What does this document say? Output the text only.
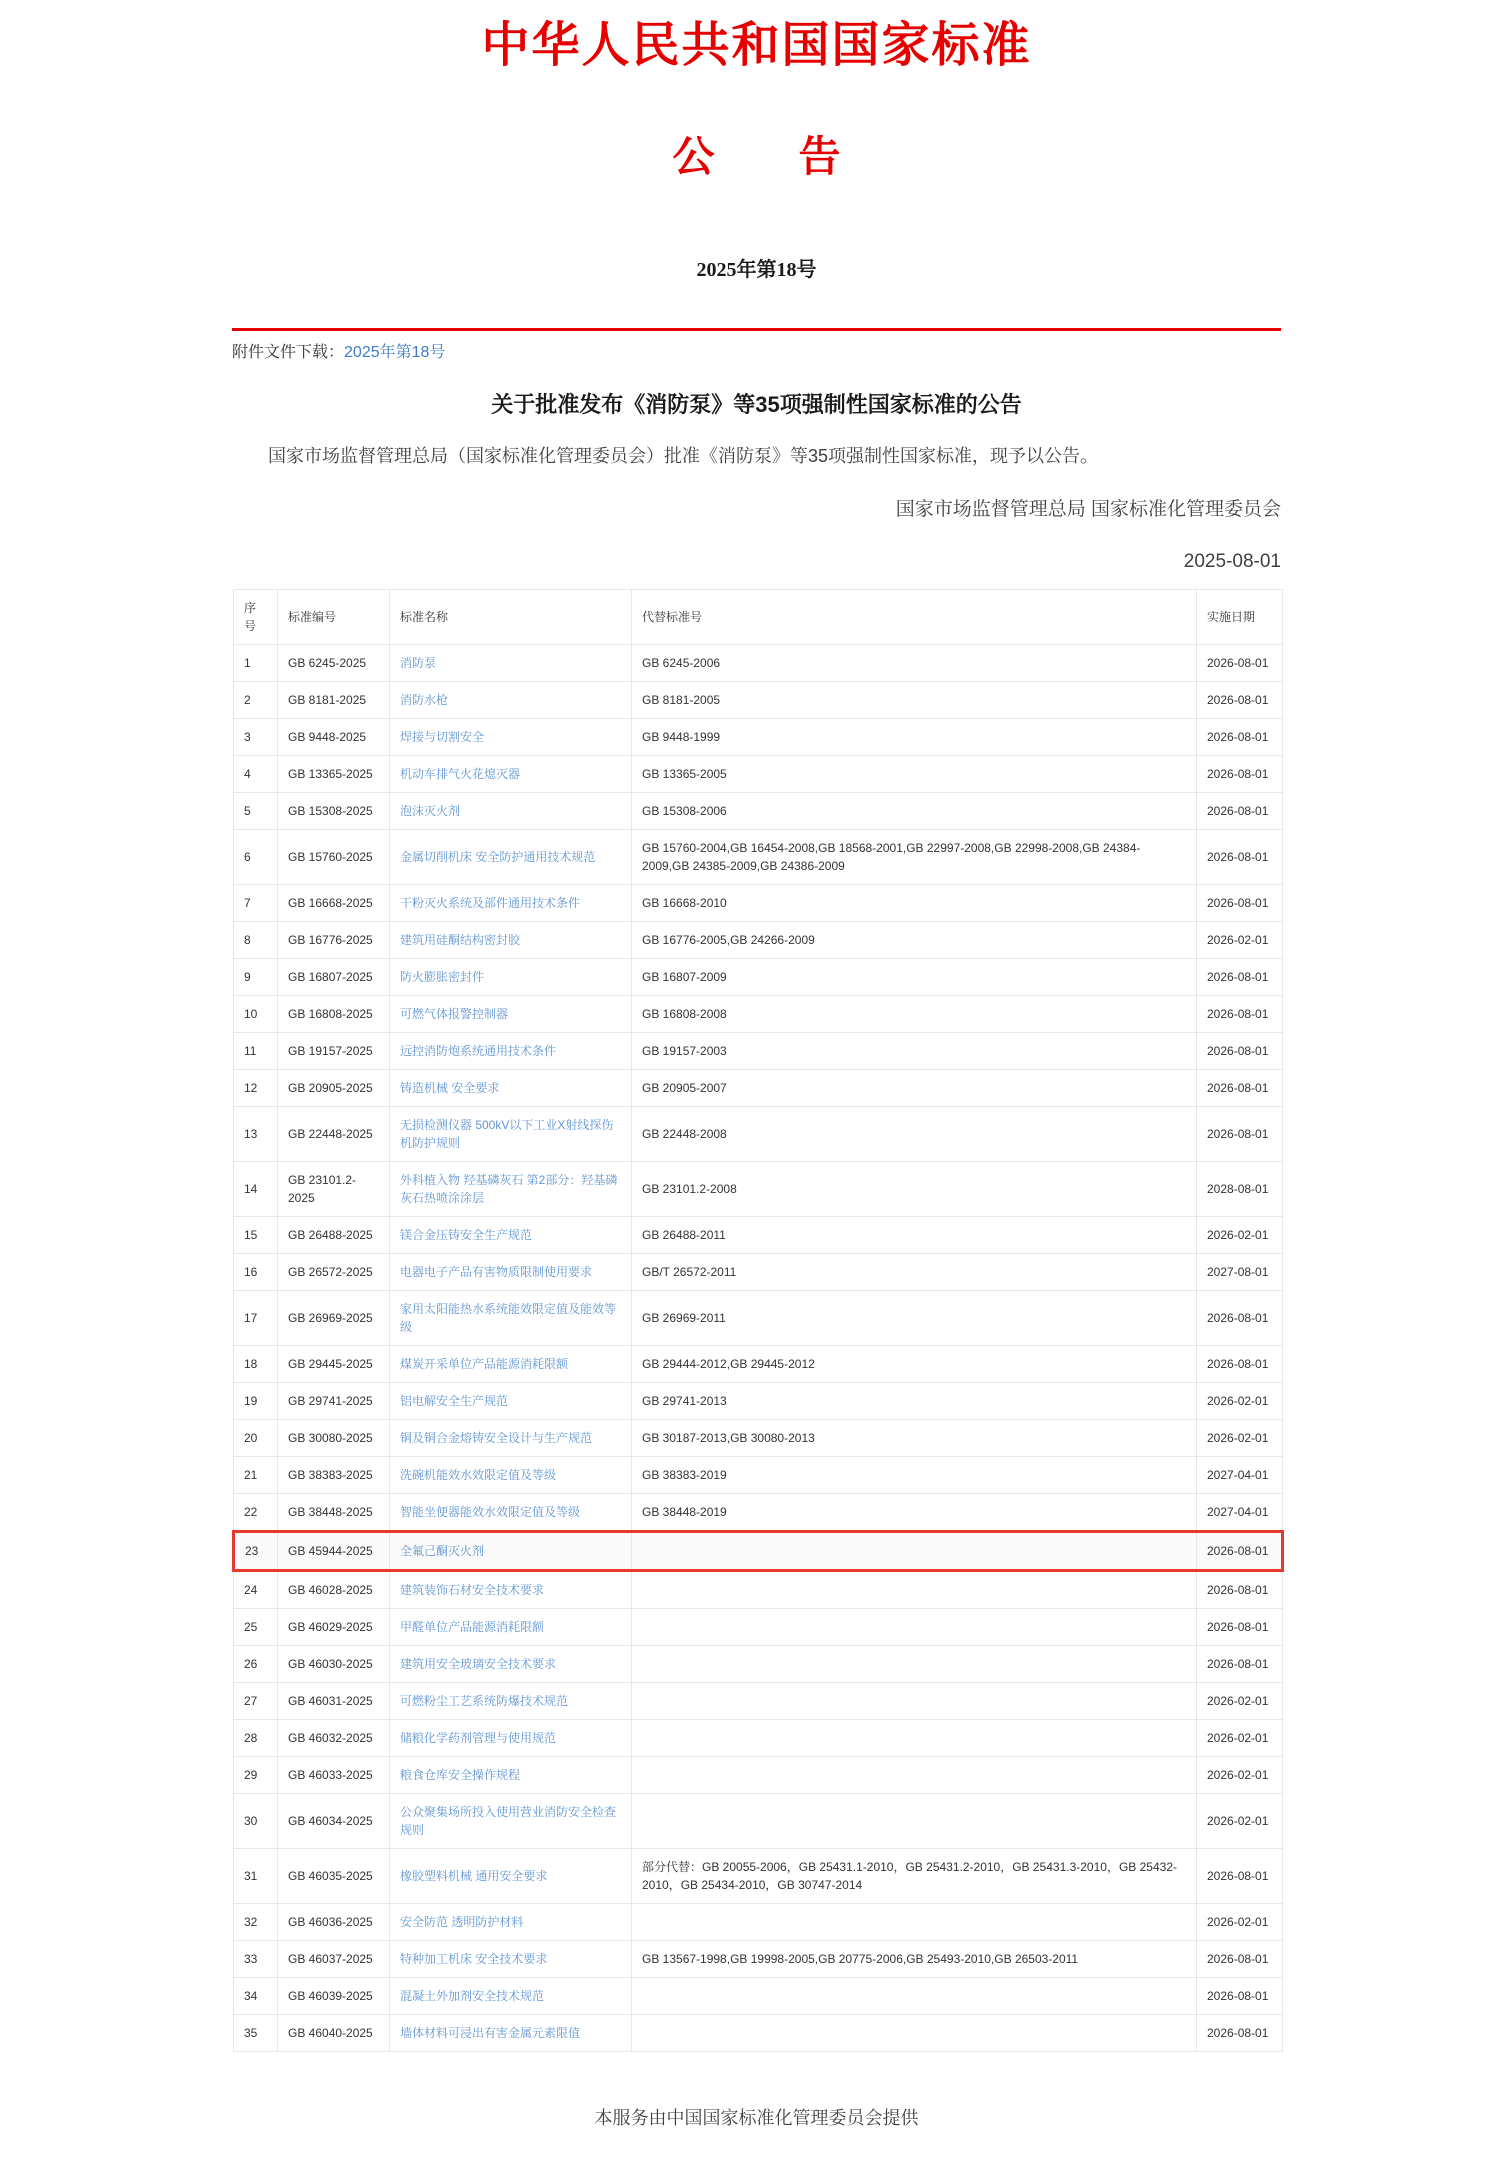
中华人民共和国国家标准
公　　告
2025年第18号
附件文件下载：2025年第18号
关于批准发布《消防泵》等35项强制性国家标准的公告

国家市场监督管理总局（国家标准化管理委员会）批准《消防泵》等35项强制性国家标准，现予以公告。

国家市场监督管理总局 国家标准化管理委员会
2025-08-01
序号	标准编号	标准名称	代替标准号	实施日期
1	GB 6245-2025	消防泵	GB 6245-2006	2026-08-01
2	GB 8181-2025	消防水枪	GB 8181-2005	2026-08-01
3	GB 9448-2025	焊接与切割安全	GB 9448-1999	2026-08-01
4	GB 13365-2025	机动车排气火花熄灭器	GB 13365-2005	2026-08-01
5	GB 15308-2025	泡沫灭火剂	GB 15308-2006	2026-08-01
6	GB 15760-2025	金属切削机床 安全防护通用技术规范	GB 15760-2004,GB 16454-2008,GB 18568-2001,GB 22997-2008,GB 22998-2008,GB 24384-2009,GB 24385-2009,GB 24386-2009	2026-08-01
7	GB 16668-2025	干粉灭火系统及部件通用技术条件	GB 16668-2010	2026-08-01
8	GB 16776-2025	建筑用硅酮结构密封胶	GB 16776-2005,GB 24266-2009	2026-02-01
9	GB 16807-2025	防火膨胀密封件	GB 16807-2009	2026-08-01
10	GB 16808-2025	可燃气体报警控制器	GB 16808-2008	2026-08-01
11	GB 19157-2025	远控消防炮系统通用技术条件	GB 19157-2003	2026-08-01
12	GB 20905-2025	铸造机械 安全要求	GB 20905-2007	2026-08-01
13	GB 22448-2025	无损检测仪器 500kV以下工业X射线探伤机防护规则	GB 22448-2008	2026-08-01
14	GB 23101.2-2025	外科植入物 羟基磷灰石 第2部分：羟基磷灰石热喷涂涂层	GB 23101.2-2008	2028-08-01
15	GB 26488-2025	镁合金压铸安全生产规范	GB 26488-2011	2026-02-01
16	GB 26572-2025	电器电子产品有害物质限制使用要求	GB/T 26572-2011	2027-08-01
17	GB 26969-2025	家用太阳能热水系统能效限定值及能效等级	GB 26969-2011	2026-08-01
18	GB 29445-2025	煤炭开采单位产品能源消耗限额	GB 29444-2012,GB 29445-2012	2026-08-01
19	GB 29741-2025	铝电解安全生产规范	GB 29741-2013	2026-02-01
20	GB 30080-2025	铜及铜合金熔铸安全设计与生产规范	GB 30187-2013,GB 30080-2013	2026-02-01
21	GB 38383-2025	洗碗机能效水效限定值及等级	GB 38383-2019	2027-04-01
22	GB 38448-2025	智能坐便器能效水效限定值及等级	GB 38448-2019	2027-04-01
23	GB 45944-2025	全氟己酮灭火剂		2026-08-01
24	GB 46028-2025	建筑装饰石材安全技术要求		2026-08-01
25	GB 46029-2025	甲醛单位产品能源消耗限额		2026-08-01
26	GB 46030-2025	建筑用安全玻璃安全技术要求		2026-08-01
27	GB 46031-2025	可燃粉尘工艺系统防爆技术规范		2026-02-01
28	GB 46032-2025	储粮化学药剂管理与使用规范		2026-02-01
29	GB 46033-2025	粮食仓库安全操作规程		2026-02-01
30	GB 46034-2025	公众聚集场所投入使用营业消防安全检查规则		2026-02-01
31	GB 46035-2025	橡胶塑料机械 通用安全要求	部分代替：GB 20055-2006，GB 25431.1-2010，GB 25431.2-2010，GB 25431.3-2010，GB 25432-2010，GB 25434-2010，GB 30747-2014	2026-08-01
32	GB 46036-2025	安全防范 透明防护材料		2026-02-01
33	GB 46037-2025	特种加工机床 安全技术要求	GB 13567-1998,GB 19998-2005,GB 20775-2006,GB 25493-2010,GB 26503-2011	2026-08-01
34	GB 46039-2025	混凝土外加剂安全技术规范		2026-08-01
35	GB 46040-2025	墙体材料可浸出有害金属元素限值		2026-08-01
本服务由中国国家标准化管理委员会提供
